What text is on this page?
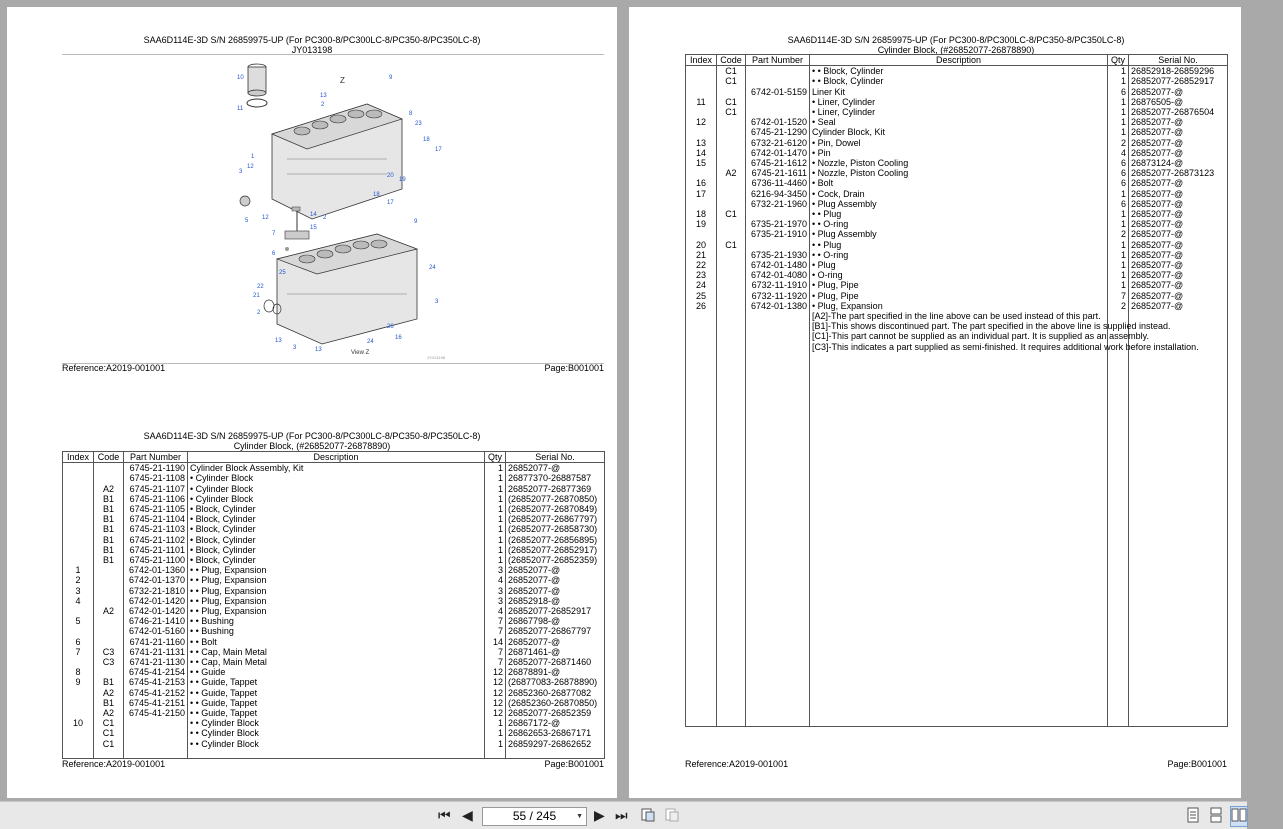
SAA6D114E-3D S/N 26859975-UP (For PC300-8/PC300LC-8/PC350-8/PC350LC-8)
JY013198
10
11
Z	9
13
2
8
23
18
17
1
12
3
20
19
18
17
5 12	14 2
15
7
6
9
25
24
22
21
2
3
13
3	13
24
16
26
View Z
JY013198
Reference:A2019-001001	Page:B001001
SAA6D114E-3D S/N 26859975-UP (For PC300-8/PC300LC-8/PC350-8/PC350LC-8)
Cylinder Block, (#26852077-26878890)
Index	Code	Part Number	Description	Qty	Serial No.
		6745-21-1190	Cylinder Block Assembly, Kit	1	26852077-@
		6745-21-1108	• Cylinder Block	1	26877370-26887587
	A2	6745-21-1107	• Cylinder Block	1	26852077-26877369
	B1	6745-21-1106	• Cylinder Block	1	(26852077-26870850)
	B1	6745-21-1105	• Block, Cylinder	1	(26852077-26870849)
	B1	6745-21-1104	• Block, Cylinder	1	(26852077-26867797)
	B1	6745-21-1103	• Block, Cylinder	1	(26852077-26858730)
	B1	6745-21-1102	• Block, Cylinder	1	(26852077-26856895)
	B1	6745-21-1101	• Block, Cylinder	1	(26852077-26852917)
	B1	6745-21-1100	• Block, Cylinder	1	(26852077-26852359)
1		6742-01-1360	• • Plug, Expansion	3	26852077-@
2		6742-01-1370	• • Plug, Expansion	4	26852077-@
3		6732-21-1810	• • Plug, Expansion	3	26852077-@
4		6742-01-1420	• • Plug, Expansion	3	26852918-@
	A2	6742-01-1420	• • Plug, Expansion	4	26852077-26852917
5		6746-21-1410	• • Bushing	7	26867798-@
		6742-01-5160	• • Bushing	7	26852077-26867797
6		6741-21-1160	• • Bolt	14	26852077-@
7	C3	6741-21-1131	• • Cap, Main Metal	7	26871461-@
	C3	6741-21-1130	• • Cap, Main Metal	7	26852077-26871460
8		6745-41-2154	• • Guide	12	26878891-@
9	B1	6745-41-2153	• • Guide, Tappet	12	(26877083-26878890)
	A2	6745-41-2152	• • Guide, Tappet	12	26852360-26877082
	B1	6745-41-2151	• • Guide, Tappet	12	(26852360-26870850)
	A2	6745-41-2150	• • Guide, Tappet	12	26852077-26852359
10	C1		• • Cylinder Block	1	26867172-@
	C1		• • Cylinder Block	1	26862653-26867171
	C1		• • Cylinder Block	1	26859297-26862652

Reference:A2019-001001	Page:B001001
SAA6D114E-3D S/N 26859975-UP (For PC300-8/PC300LC-8/PC350-8/PC350LC-8)
Cylinder Block, (#26852077-26878890)
Index	Code	Part Number	Description	Qty	Serial No.
	C1		• • Block, Cylinder	1	26852918-26859296
	C1		• • Block, Cylinder	1	26852077-26852917
		6742-01-5159	Liner Kit	6	26852077-@
11	C1		• Liner, Cylinder	1	26876505-@
	C1		• Liner, Cylinder	1	26852077-26876504
12		6742-01-1520	• Seal	1	26852077-@
		6745-21-1290	Cylinder Block, Kit	1	26852077-@
13		6732-21-6120	• Pin, Dowel	2	26852077-@
14		6742-01-1470	• Pin	4	26852077-@
15		6745-21-1612	• Nozzle, Piston Cooling	6	26873124-@
	A2	6745-21-1611	• Nozzle, Piston Cooling	6	26852077-26873123
16		6736-11-4460	• Bolt	6	26852077-@
17		6216-94-3450	• Cock, Drain	1	26852077-@
		6732-21-1960	• Plug Assembly	6	26852077-@
18	C1		• • Plug	1	26852077-@
19		6735-21-1970	• • O-ring	1	26852077-@
		6735-21-1910	• Plug Assembly	2	26852077-@
20	C1		• • Plug	1	26852077-@
21		6735-21-1930	• • O-ring	1	26852077-@
22		6742-01-1480	• Plug	1	26852077-@
23		6742-01-4080	• O-ring	1	26852077-@
24		6732-11-1910	• Plug, Pipe	1	26852077-@
25		6732-11-1920	• Plug, Pipe	7	26852077-@
26		6742-01-1380	• Plug, Expansion	2	26852077-@
			[A2]-The part specified in the line above can be used instead of this part.		
			[B1]-This shows discontinued part. The part specified in the above line is supplied instead.		
			[C1]-This part cannot be supplied as an individual part. It is supplied as an assembly.		
			[C3]-This indicates a part supplied as semi-finished. It requires additional work before installation.		

Reference:A2019-001001	Page:B001001
⏮ ◀	55 / 245	▼ ▶ ⏭
